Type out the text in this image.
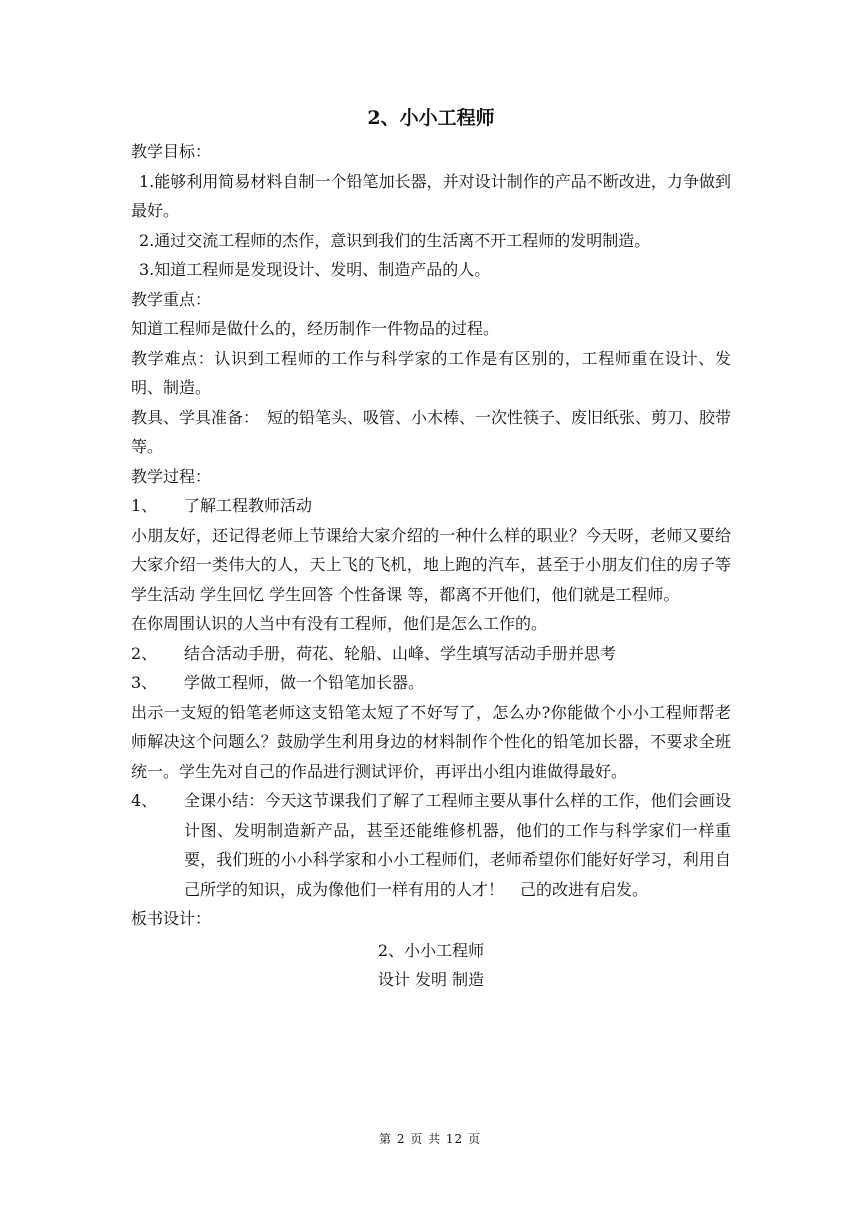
2、小小工程师

教学目标：

1.能够利用简易材料自制一个铅笔加长器，并对设计制作的产品不断改进，力争做到最好。

2.通过交流工程师的杰作，意识到我们的生活离不开工程师的发明制造。

3.知道工程师是发现设计、发明、制造产品的人。

教学重点：

知道工程师是做什么的，经历制作一件物品的过程。

教学难点：认识到工程师的工作与科学家的工作是有区别的，工程师重在设计、发明、制造。

教具、学具准备：　短的铅笔头、吸管、小木棒、一次性筷子、废旧纸张、剪刀、胶带等。

教学过程：

1、	了解工程教师活动

小朋友好，还记得老师上节课给大家介绍的一种什么样的职业？今天呀，老师又要给大家介绍一类伟大的人，天上飞的飞机，地上跑的汽车，甚至于小朋友们住的房子等学生活动 学生回忆 学生回答 个性备课 等，都离不开他们，他们就是工程师。

在你周围认识的人当中有没有工程师，他们是怎么工作的。

2、	结合活动手册，荷花、轮船、山峰、学生填写活动手册并思考
3、	学做工程师，做一个铅笔加长器。

出示一支短的铅笔老师这支铅笔太短了不好写了，怎么办?你能做个小小工程师帮老师解决这个问题么？鼓励学生利用身边的材料制作个性化的铅笔加长器，不要求全班统一。学生先对自己的作品进行测试评价，再评出小组内谁做得最好。

4、	全课小结：今天这节课我们了解了工程师主要从事什么样的工作，他们会画设计图、发明制造新产品，甚至还能维修机器，他们的工作与科学家们一样重要，我们班的小小科学家和小小工程师们，老师希望你们能好好学习，利用自己所学的知识，成为像他们一样有用的人才！　己的改进有启发。

板书设计：

2、小小工程师
设计 发明 制造
第 2 页 共 12 页
